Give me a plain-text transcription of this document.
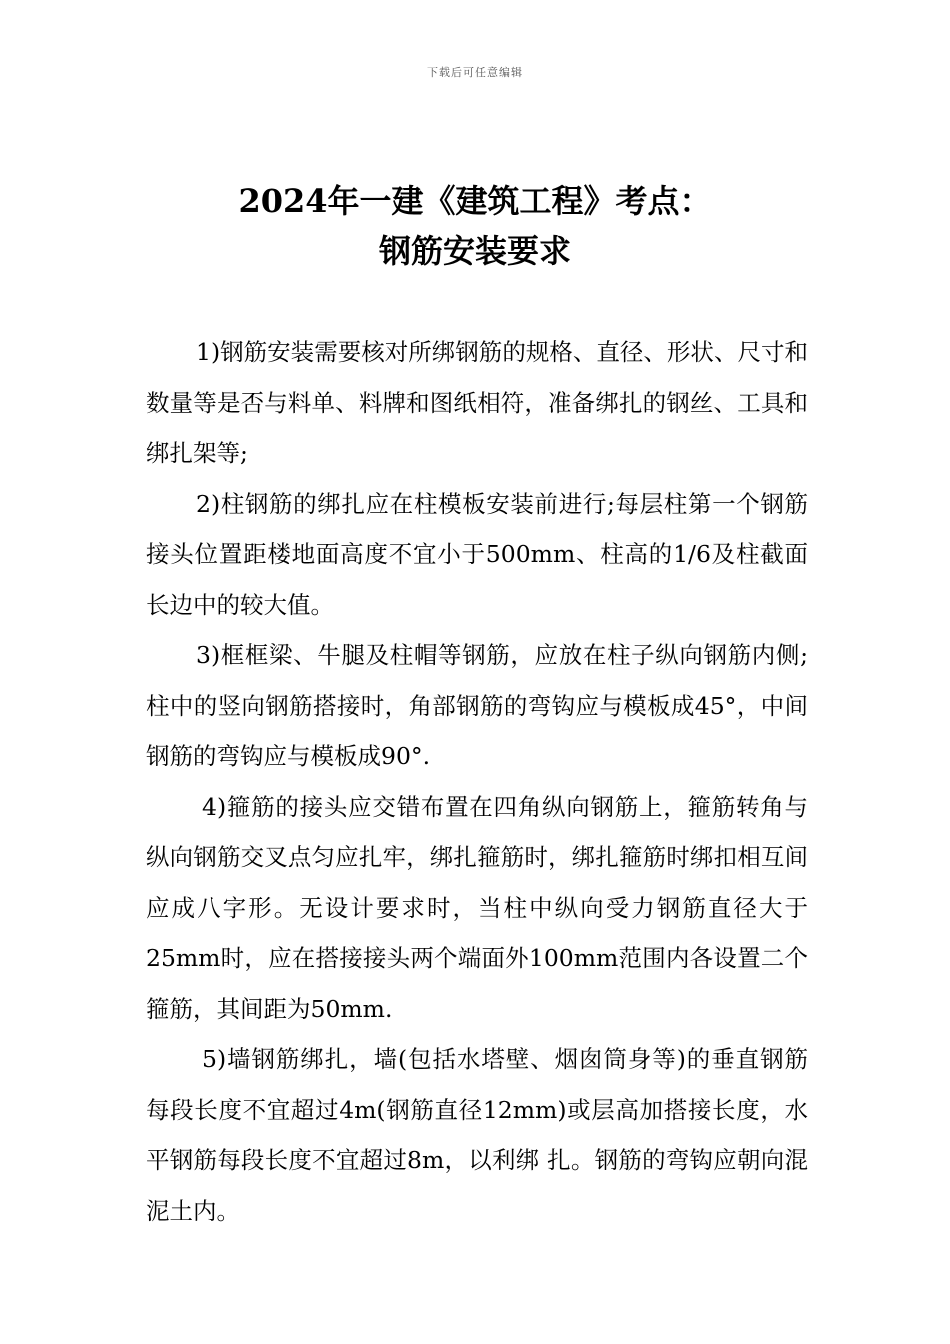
下载后可任意编辑
2024年一建《建筑工程》考点：
钢筋安装要求

1)钢筋安装需要核对所绑钢筋的规格、直径、形状、尺寸和数量等是否与料单、料牌和图纸相符，准备绑扎的钢丝、工具和绑扎架等;

2)柱钢筋的绑扎应在柱模板安装前进行;每层柱第一个钢筋接头位置距楼地面高度不宜小于500mm、柱高的1/6及柱截面长边中的较大值。

3)框框梁、牛腿及柱帽等钢筋，应放在柱子纵向钢筋内侧;柱中的竖向钢筋搭接时，角部钢筋的弯钩应与模板成45°，中间钢筋的弯钩应与模板成90°.

4)箍筋的接头应交错布置在四角纵向钢筋上，箍筋转角与纵向钢筋交叉点匀应扎牢，绑扎箍筋时，绑扎箍筋时绑扣相互间应成八字形。无设计要求时，当柱中纵向受力钢筋直径大于25mm时，应在搭接接头两个端面外100mm范围内各设置二个箍筋，其间距为50mm.

5)墙钢筋绑扎，墙(包括水塔壁、烟囱筒身等)的垂直钢筋每段长度不宜超过4m(钢筋直径12mm)或层高加搭接长度，水平钢筋每段长度不宜超过8m，以利绑 扎。钢筋的弯钩应朝向混泥土内。
